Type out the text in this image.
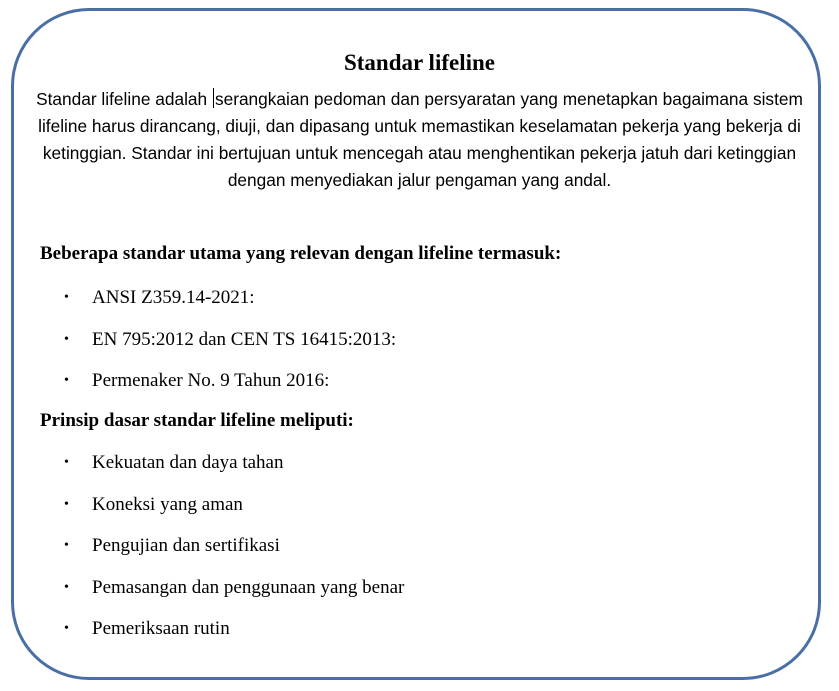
Standar lifeline

Standar lifeline adalah serangkaian pedoman dan persyaratan yang menetapkan bagaimana sistem lifeline harus dirancang, diuji, dan dipasang untuk memastikan keselamatan pekerja yang bekerja di ketinggian. Standar ini bertujuan untuk mencegah atau menghentikan pekerja jatuh dari ketinggian dengan menyediakan jalur pengaman yang andal.

Beberapa standar utama yang relevan dengan lifeline termasuk:

• ANSI Z359.14-2021:
• EN 795:2012 dan CEN TS 16415:2013:
• Permenaker No. 9 Tahun 2016:

Prinsip dasar standar lifeline meliputi:

• Kekuatan dan daya tahan
• Koneksi yang aman
• Pengujian dan sertifikasi
• Pemasangan dan penggunaan yang benar
• Pemeriksaan rutin
